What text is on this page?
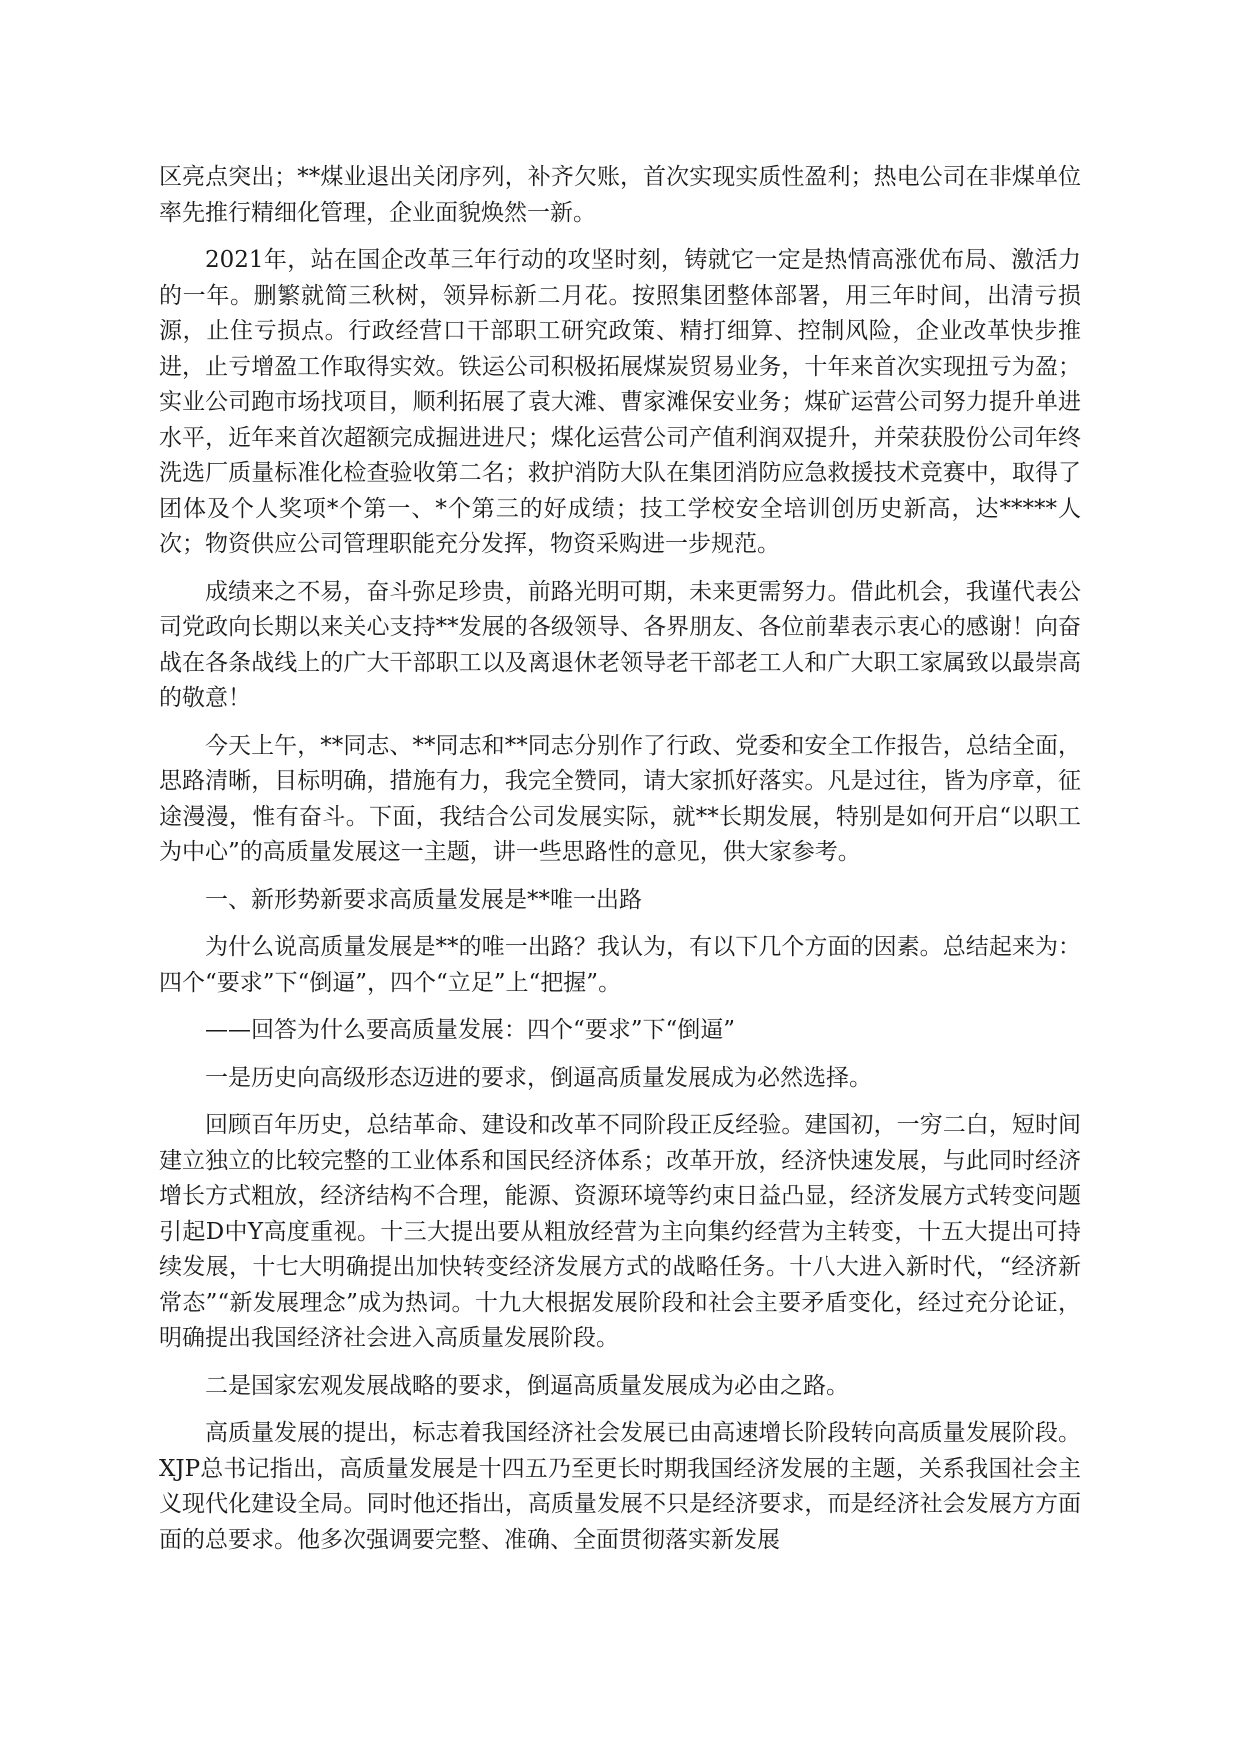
区亮点突出；**煤业退出关闭序列，补齐欠账，首次实现实质性盈利；热电公司在非煤单位率先推行精细化管理，企业面貌焕然一新。

2021年，站在国企改革三年行动的攻坚时刻，铸就它一定是热情高涨优布局、激活力的一年。删繁就简三秋树，领异标新二月花。按照集团整体部署，用三年时间，出清亏损源，止住亏损点。行政经营口干部职工研究政策、精打细算、控制风险，企业改革快步推进，止亏增盈工作取得实效。铁运公司积极拓展煤炭贸易业务，十年来首次实现扭亏为盈；实业公司跑市场找项目，顺利拓展了袁大滩、曹家滩保安业务；煤矿运营公司努力提升单进水平，近年来首次超额完成掘进进尺；煤化运营公司产值利润双提升，并荣获股份公司年终洗选厂质量标准化检查验收第二名；救护消防大队在集团消防应急救援技术竞赛中，取得了团体及个人奖项*个第一、*个第三的好成绩；技工学校安全培训创历史新高，达*****人次；物资供应公司管理职能充分发挥，物资采购进一步规范。

成绩来之不易，奋斗弥足珍贵，前路光明可期，未来更需努力。借此机会，我谨代表公司党政向长期以来关心支持**发展的各级领导、各界朋友、各位前辈表示衷心的感谢！向奋战在各条战线上的广大干部职工以及离退休老领导老干部老工人和广大职工家属致以最崇高的敬意！

今天上午，**同志、**同志和**同志分别作了行政、党委和安全工作报告，总结全面，思路清晰，目标明确，措施有力，我完全赞同，请大家抓好落实。凡是过往，皆为序章，征途漫漫，惟有奋斗。下面，我结合公司发展实际，就**长期发展，特别是如何开启“以职工为中心”的高质量发展这一主题，讲一些思路性的意见，供大家参考。

一、新形势新要求高质量发展是**唯一出路

为什么说高质量发展是**的唯一出路？我认为，有以下几个方面的因素。总结起来为：四个“要求”下“倒逼”，四个“立足”上“把握”。

——回答为什么要高质量发展：四个“要求”下“倒逼”

一是历史向高级形态迈进的要求，倒逼高质量发展成为必然选择。

回顾百年历史，总结革命、建设和改革不同阶段正反经验。建国初，一穷二白，短时间建立独立的比较完整的工业体系和国民经济体系；改革开放，经济快速发展，与此同时经济增长方式粗放，经济结构不合理，能源、资源环境等约束日益凸显，经济发展方式转变问题引起D中Y高度重视。十三大提出要从粗放经营为主向集约经营为主转变，十五大提出可持续发展，十七大明确提出加快转变经济发展方式的战略任务。十八大进入新时代，“经济新常态”“新发展理念”成为热词。十九大根据发展阶段和社会主要矛盾变化，经过充分论证，明确提出我国经济社会进入高质量发展阶段。

二是国家宏观发展战略的要求，倒逼高质量发展成为必由之路。

高质量发展的提出，标志着我国经济社会发展已由高速增长阶段转向高质量发展阶段。XJP总书记指出，高质量发展是十四五乃至更长时期我国经济发展的主题，关系我国社会主义现代化建设全局。同时他还指出，高质量发展不只是经济要求，而是经济社会发展方方面面的总要求。他多次强调要完整、准确、全面贯彻落实新发展
